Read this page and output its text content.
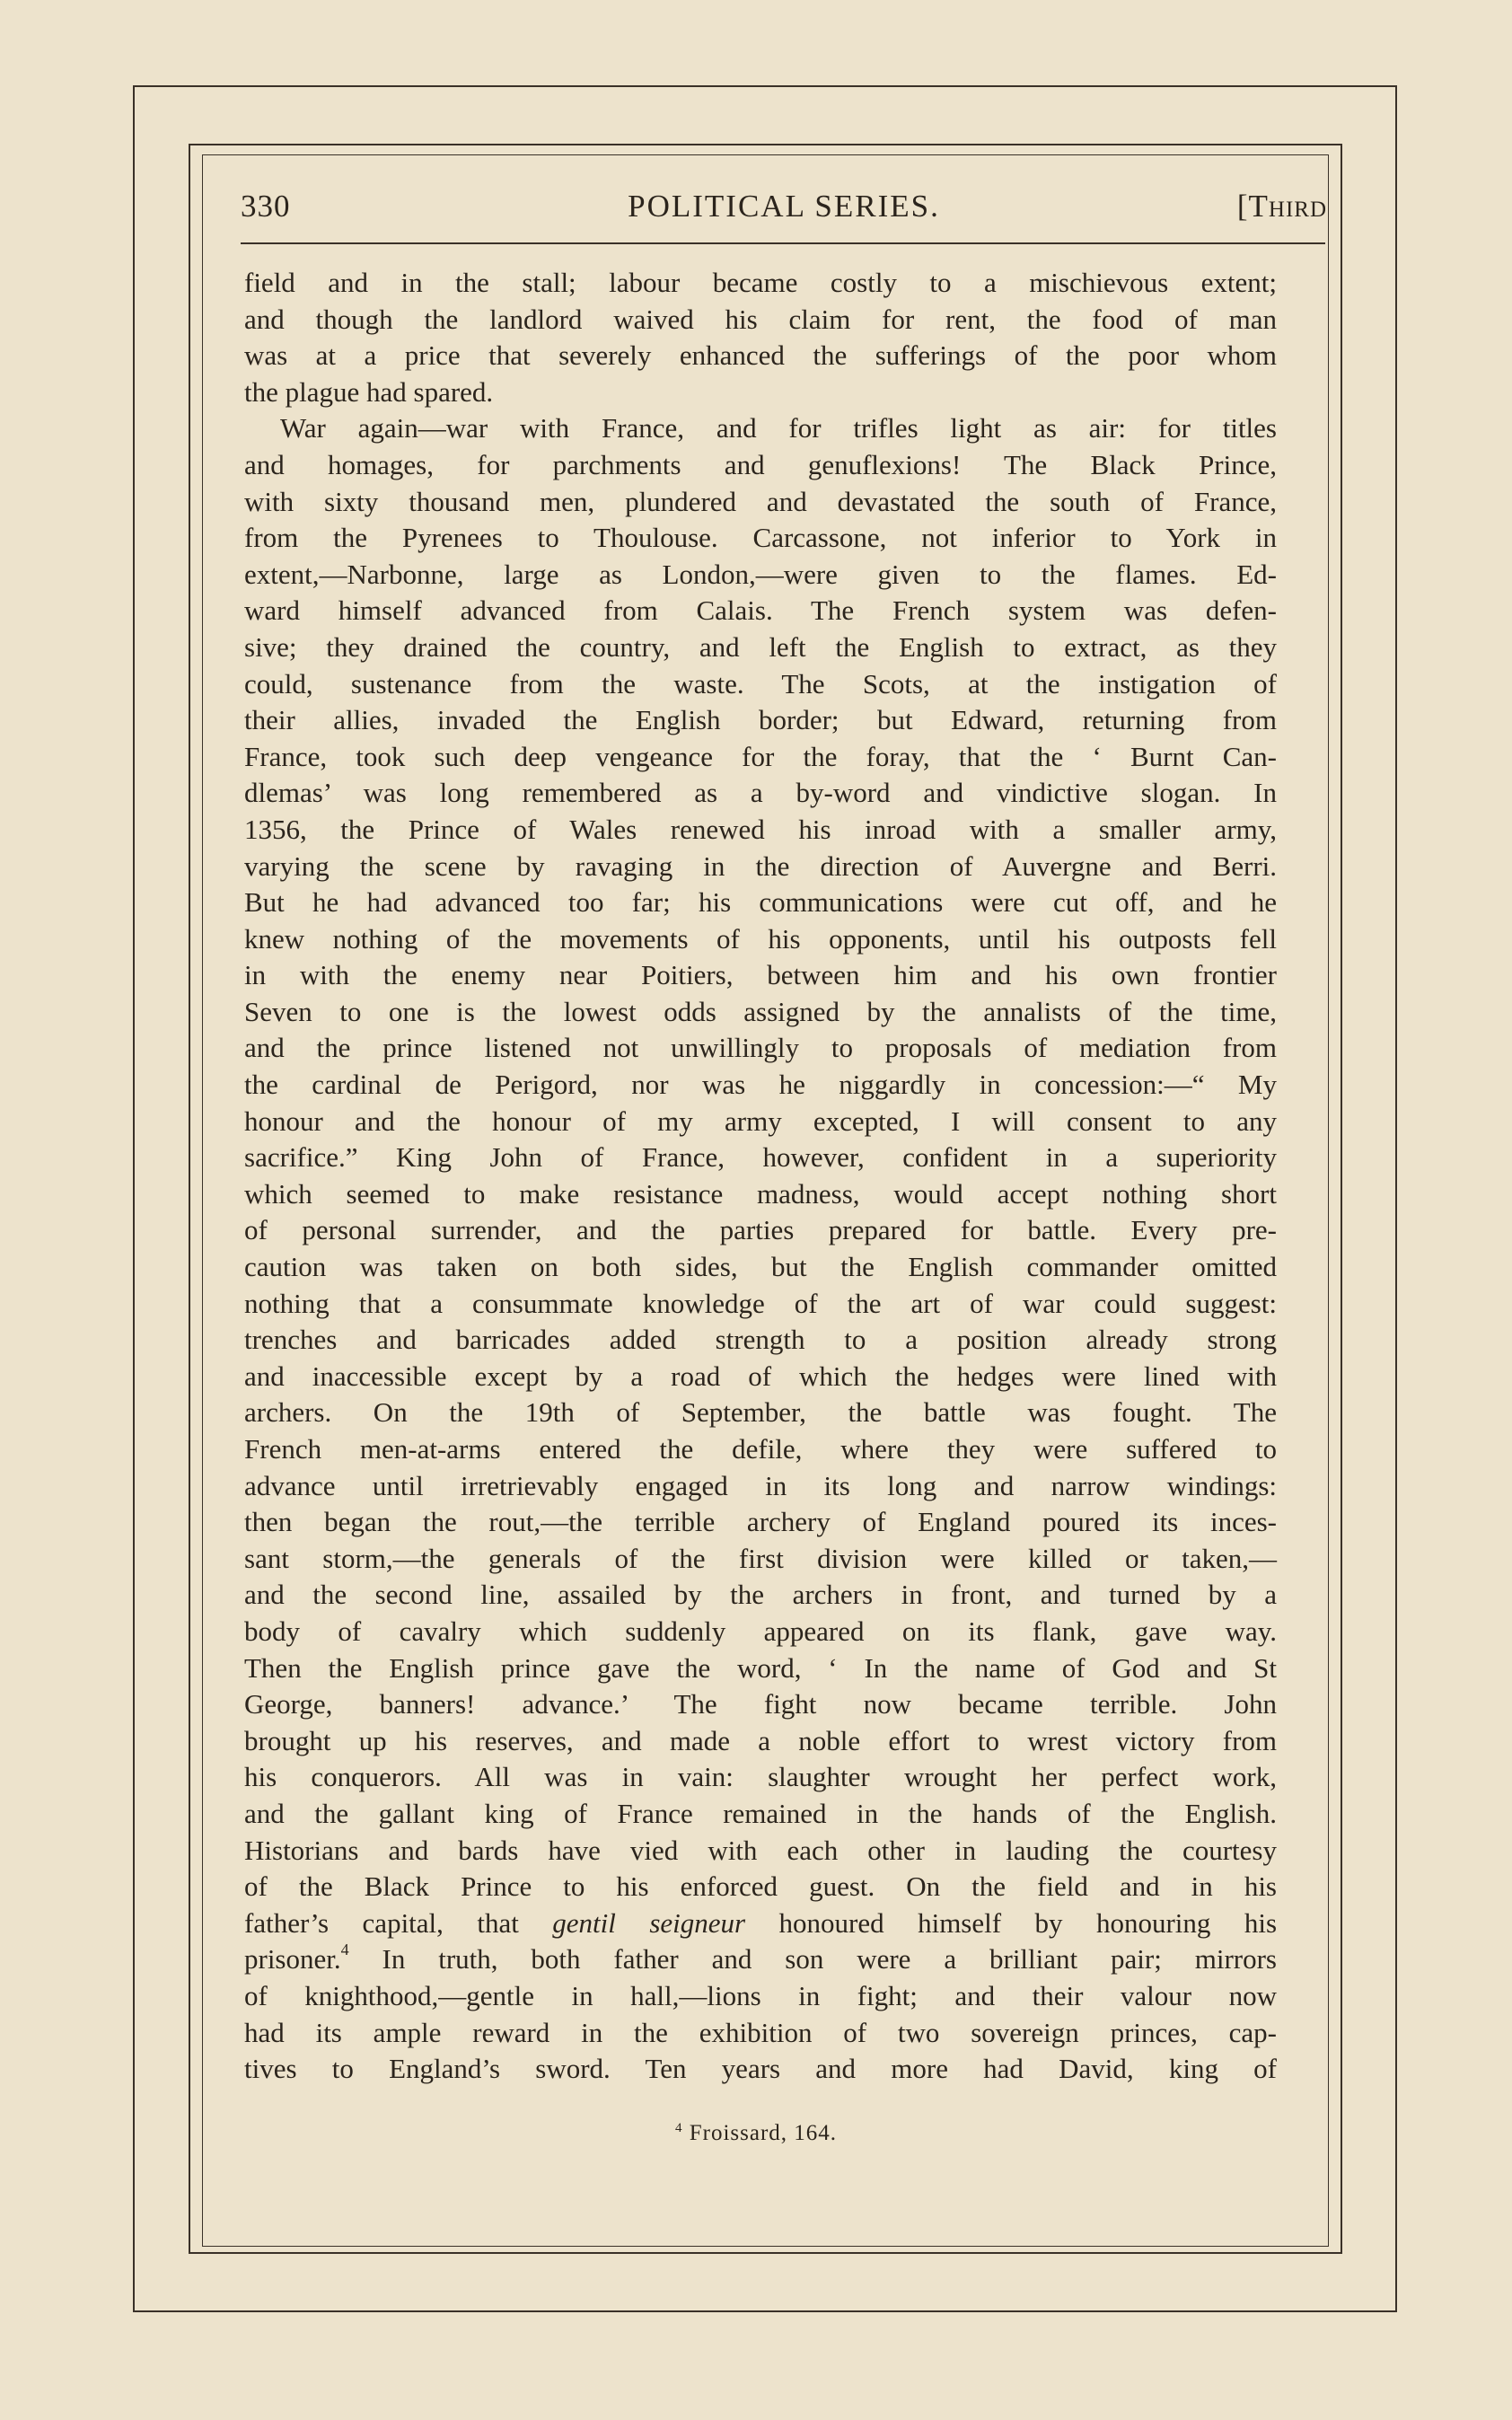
330	POLITICAL SERIES.	[THIRD
field and in the stall; labour became costly to a mischievous extent;
and though the landlord waived his claim for rent, the food of man
was at a price that severely enhanced the sufferings of the poor whom
the plague had spared.
War again—war with France, and for trifles light as air: for titles
and homages, for parchments and genuflexions! The Black Prince,
with sixty thousand men, plundered and devastated the south of France,
from the Pyrenees to Thoulouse. Carcassone, not inferior to York in
extent,—Narbonne, large as London,—were given to the flames. Ed-
ward himself advanced from Calais. The French system was defen-
sive; they drained the country, and left the English to extract, as they
could, sustenance from the waste. The Scots, at the instigation of
their allies, invaded the English border; but Edward, returning from
France, took such deep vengeance for the foray, that the ‘ Burnt Can-
dlemas’ was long remembered as a by-word and vindictive slogan. In
1356, the Prince of Wales renewed his inroad with a smaller army,
varying the scene by ravaging in the direction of Auvergne and Berri.
But he had advanced too far; his communications were cut off, and he
knew nothing of the movements of his opponents, until his outposts fell
in with the enemy near Poitiers, between him and his own frontier
Seven to one is the lowest odds assigned by the annalists of the time,
and the prince listened not unwillingly to proposals of mediation from
the cardinal de Perigord, nor was he niggardly in concession:—“ My
honour and the honour of my army excepted, I will consent to any
sacrifice.” King John of France, however, confident in a superiority
which seemed to make resistance madness, would accept nothing short
of personal surrender, and the parties prepared for battle. Every pre-
caution was taken on both sides, but the English commander omitted
nothing that a consummate knowledge of the art of war could suggest:
trenches and barricades added strength to a position already strong
and inaccessible except by a road of which the hedges were lined with
archers. On the 19th of September, the battle was fought. The
French men-at-arms entered the defile, where they were suffered to
advance until irretrievably engaged in its long and narrow windings:
then began the rout,—the terrible archery of England poured its inces-
sant storm,—the generals of the first division were killed or taken,—
and the second line, assailed by the archers in front, and turned by a
body of cavalry which suddenly appeared on its flank, gave way.
Then the English prince gave the word, ‘ In the name of God and St
George, banners! advance.’ The fight now became terrible. John
brought up his reserves, and made a noble effort to wrest victory from
his conquerors. All was in vain: slaughter wrought her perfect work,
and the gallant king of France remained in the hands of the English.
Historians and bards have vied with each other in lauding the courtesy
of the Black Prince to his enforced guest. On the field and in his
father’s capital, that gentil seigneur honoured himself by honouring his
prisoner.$^4$ In truth, both father and son were a brilliant pair; mirrors
of knighthood,—gentle in hall,—lions in fight; and their valour now
had its ample reward in the exhibition of two sovereign princes, cap-
tives to England’s sword. Ten years and more had David, king of
$^4$ Froissard, 164.
